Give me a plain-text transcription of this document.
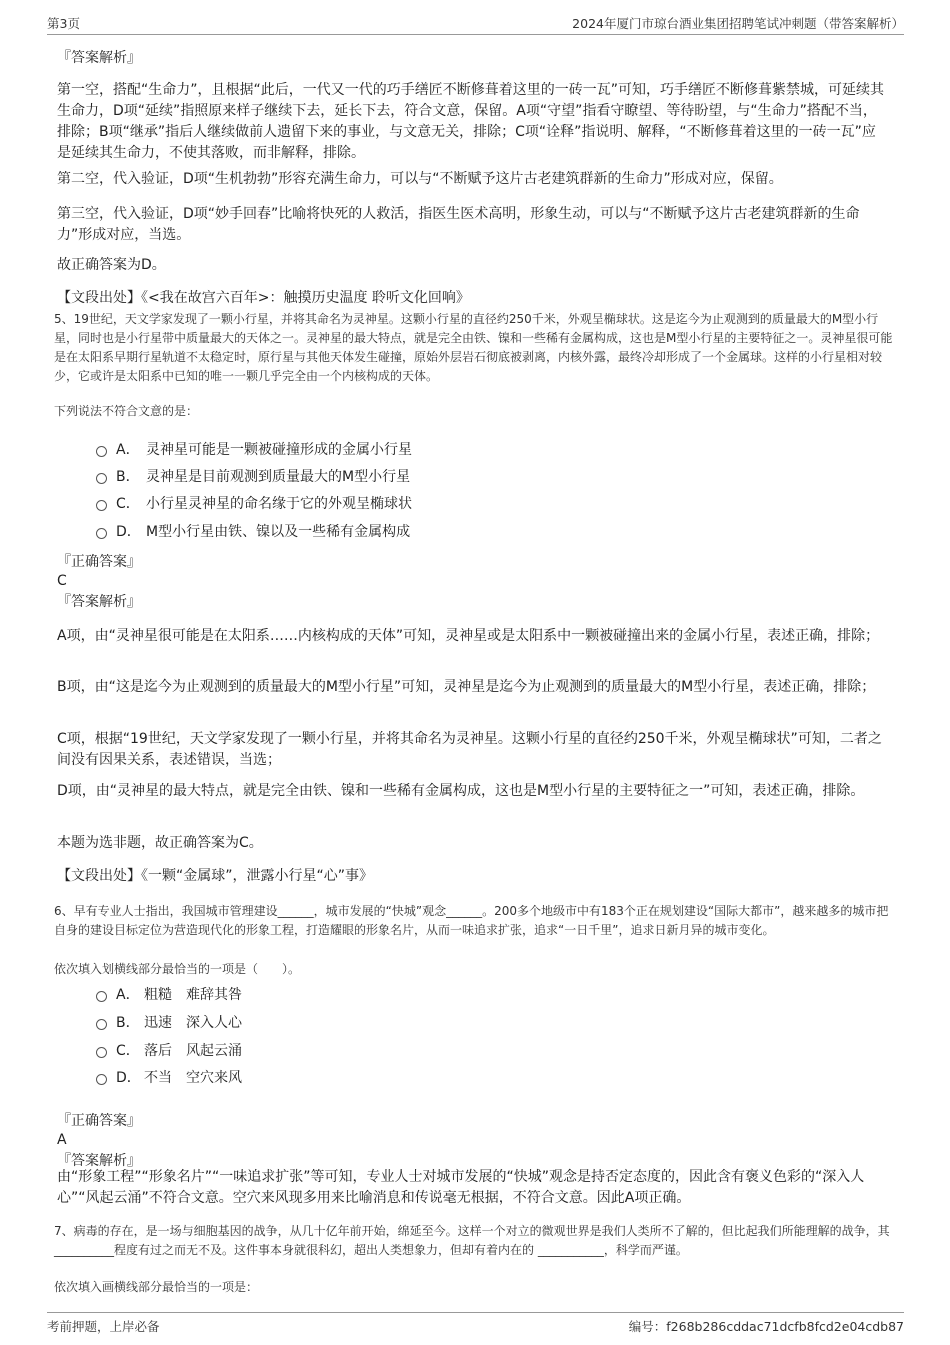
第3页	2024年厦门市琼台酒业集团招聘笔试冲刺题（带答案解析）

『答案解析』

第一空，搭配“生命力”，且根据“此后，一代又一代的巧手缮匠不断修葺着这里的一砖一瓦”可知，巧手缮匠不断修葺紫禁城，可延续其生命力，D项“延续”指照原来样子继续下去，延长下去，符合文意，保留。A项“守望”指看守瞭望、等待盼望，与“生命力”搭配不当，排除；B项“继承”指后人继续做前人遗留下来的事业，与文意无关，排除；C项“诠释”指说明、解释，“不断修葺着这里的一砖一瓦”应是延续其生命力，不使其落败，而非解释，排除。

第二空，代入验证，D项“生机勃勃”形容充满生命力，可以与“不断赋予这片古老建筑群新的生命力”形成对应，保留。

第三空，代入验证，D项“妙手回春”比喻将快死的人救活，指医生医术高明，形象生动，可以与“不断赋予这片古老建筑群新的生命力”形成对应，当选。

故正确答案为D。

【文段出处】《<我在故宫六百年>：触摸历史温度 聆听文化回响》

5、19世纪，天文学家发现了一颗小行星，并将其命名为灵神星。这颗小行星的直径约250千米，外观呈椭球状。这是迄今为止观测到的质量最大的M型小行星，同时也是小行星带中质量最大的天体之一。灵神星的最大特点，就是完全由铁、镍和一些稀有金属构成，这也是M型小行星的主要特征之一。灵神星很可能是在太阳系早期行星轨道不太稳定时，原行星与其他天体发生碰撞，原始外层岩石彻底被剥离，内核外露，最终冷却形成了一个金属球。这样的小行星相对较少，它或许是太阳系中已知的唯一一颗几乎完全由一个内核构成的天体。

下列说法不符合文意的是：

A． 灵神星可能是一颗被碰撞形成的金属小行星
B． 灵神星是目前观测到质量最大的M型小行星
C． 小行星灵神星的命名缘于它的外观呈椭球状
D． M型小行星由铁、镍以及一些稀有金属构成

『正确答案』

C

『答案解析』

A项，由“灵神星很可能是在太阳系……内核构成的天体”可知，灵神星或是太阳系中一颗被碰撞出来的金属小行星，表述正确，排除；

B项，由“这是迄今为止观测到的质量最大的M型小行星”可知，灵神星是迄今为止观测到的质量最大的M型小行星，表述正确，排除；

C项，根据“19世纪，天文学家发现了一颗小行星，并将其命名为灵神星。这颗小行星的直径约250千米，外观呈椭球状”可知，二者之间没有因果关系，表述错误，当选；

D项，由“灵神星的最大特点，就是完全由铁、镍和一些稀有金属构成，这也是M型小行星的主要特征之一”可知，表述正确，排除。

本题为选非题，故正确答案为C。

【文段出处】《一颗“金属球”，泄露小行星“心”事》

6、早有专业人士指出，我国城市管理建设______，城市发展的“快城”观念______。200多个地级市中有183个正在规划建设“国际大都市”，越来越多的城市把自身的建设目标定位为营造现代化的形象工程，打造耀眼的形象名片，从而一味追求扩张，追求“一日千里”，追求日新月异的城市变化。

依次填入划横线部分最恰当的一项是（　　）。

A． 粗糙 难辞其咎
B． 迅速 深入人心
C． 落后 风起云涌
D． 不当 空穴来风

『正确答案』

A

『答案解析』

由“形象工程”“形象名片”“一味追求扩张”等可知，专业人士对城市发展的“快城”观念是持否定态度的，因此含有褒义色彩的“深入人心”“风起云涌”不符合文意。空穴来风现多用来比喻消息和传说毫无根据，不符合文意。因此A项正确。

7、病毒的存在，是一场与细胞基因的战争，从几十亿年前开始，绵延至今。这样一个对立的微观世界是我们人类所不了解的，但比起我们所能理解的战争，其 __________程度有过之而无不及。这件事本身就很科幻，超出人类想象力，但却有着内在的 ___________，科学而严谨。

依次填入画横线部分最恰当的一项是：

考前押题，上岸必备	编号：f268b286cddac71dcfb8fcd2e04cdb87
